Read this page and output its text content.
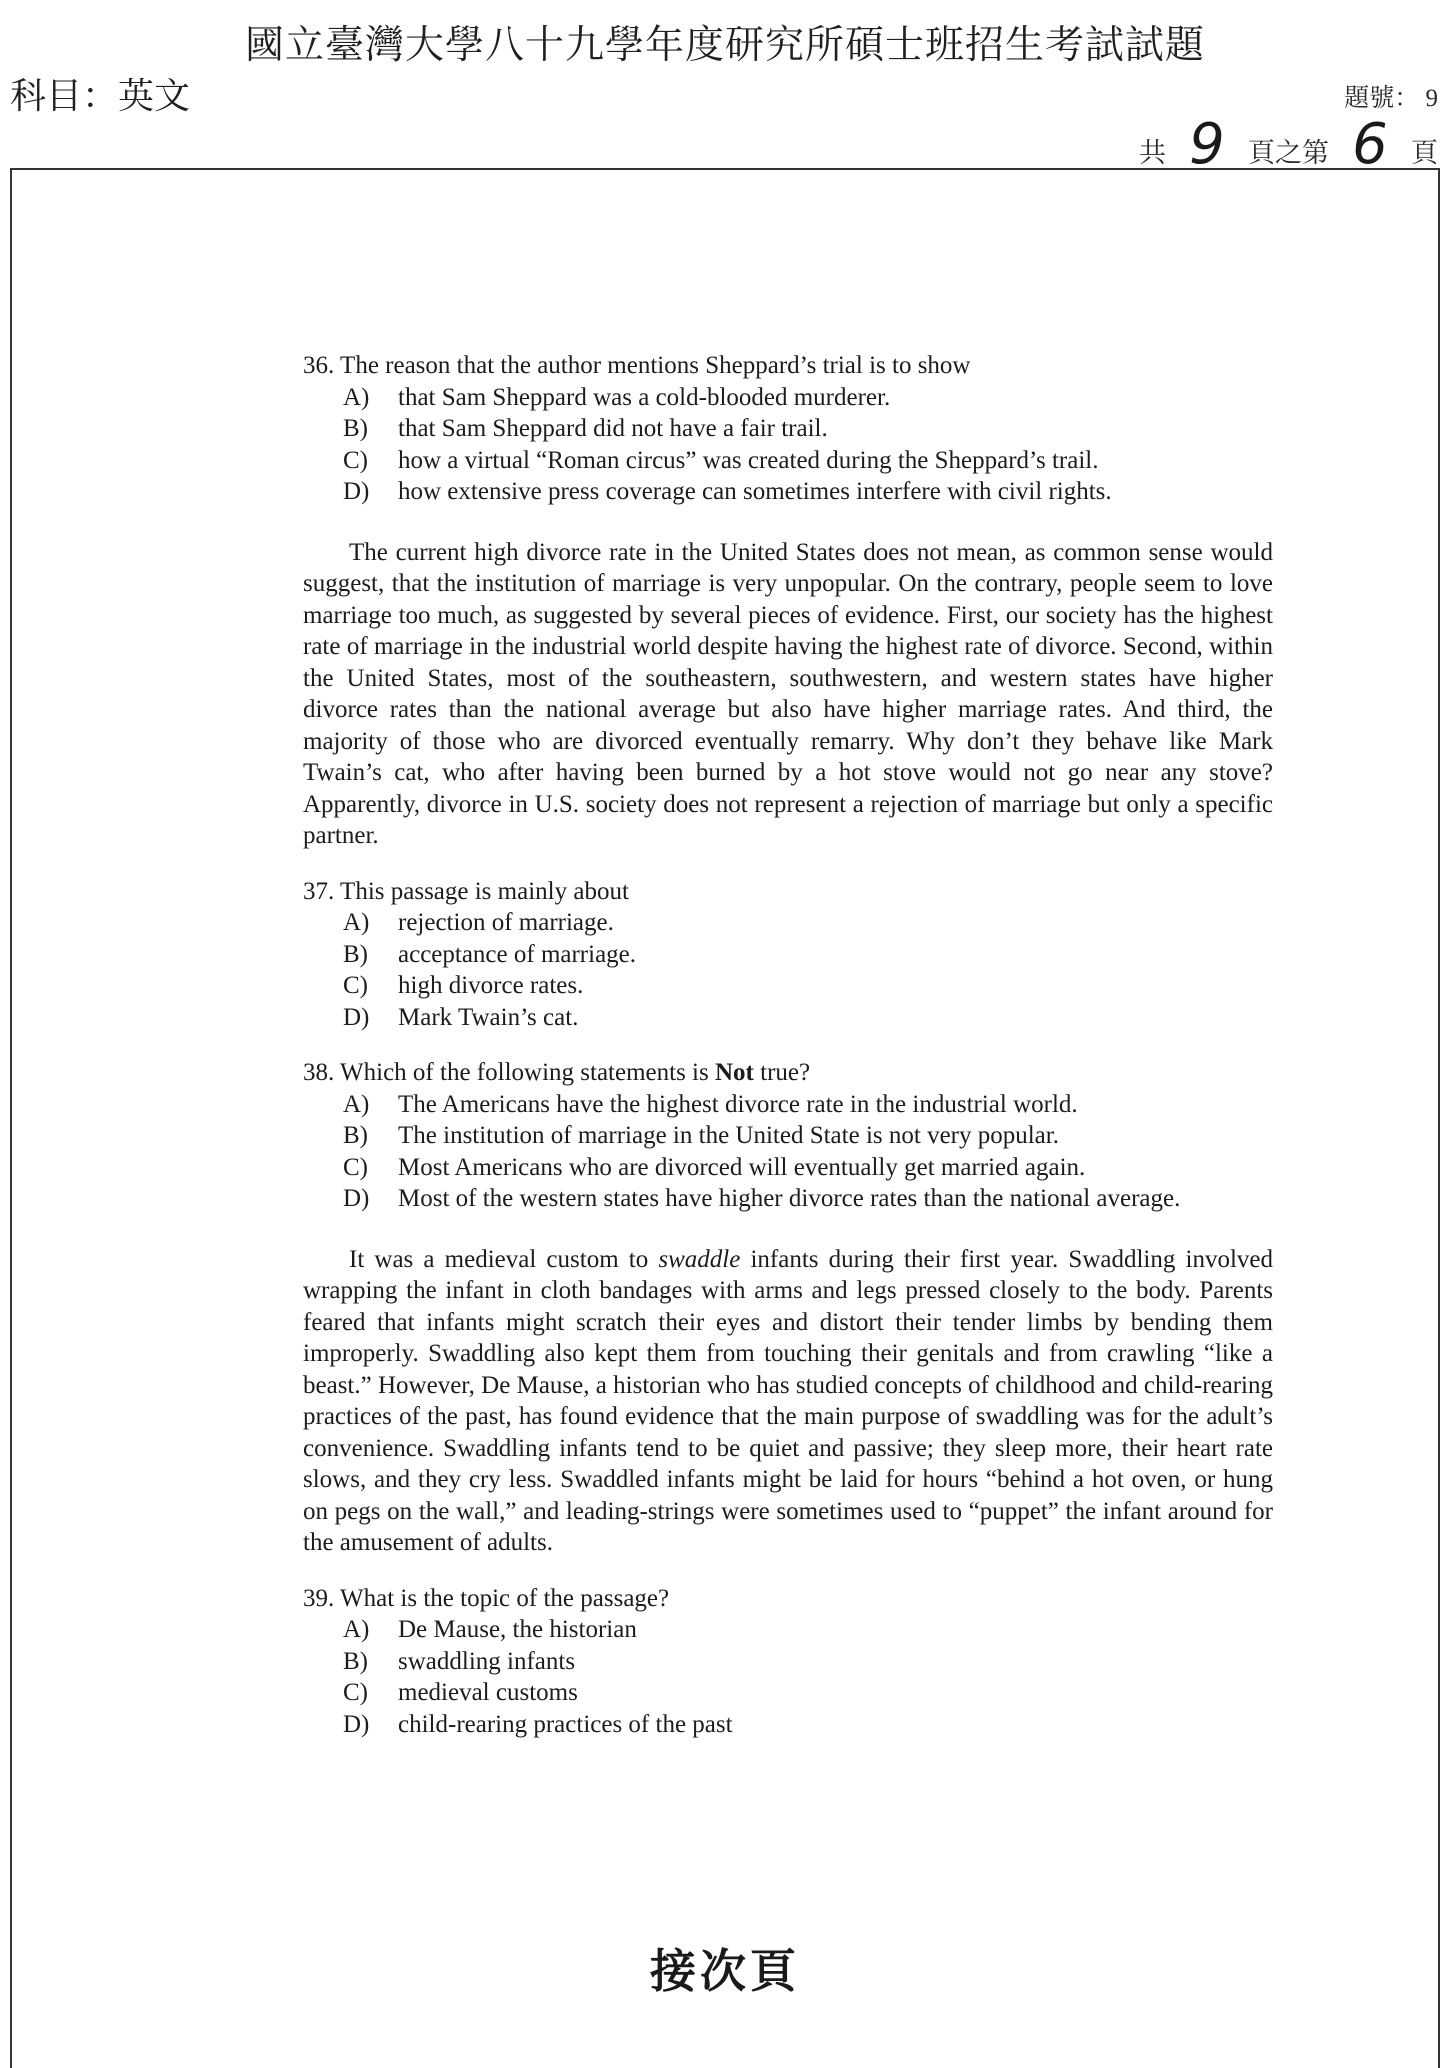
國立臺灣大學八十九學年度研究所碩士班招生考試試題
科目：英文	題號： 9
共 9 頁之第 6 頁
36. The reason that the author mentions Sheppard’s trial is to show
A)	that Sam Sheppard was a cold-blooded murderer.
B)	that Sam Sheppard did not have a fair trail.
C)	how a virtual “Roman circus” was created during the Sheppard’s trail.
D)	how extensive press coverage can sometimes interfere with civil rights.

The current high divorce rate in the United States does not mean, as common sense would suggest, that the institution of marriage is very unpopular. On the contrary, people seem to love marriage too much, as suggested by several pieces of evidence. First, our society has the highest rate of marriage in the industrial world despite having the highest rate of divorce. Second, within the United States, most of the southeastern, southwestern, and western states have higher divorce rates than the national average but also have higher marriage rates. And third, the majority of those who are divorced eventually remarry. Why don’t they behave like Mark Twain’s cat, who after having been burned by a hot stove would not go near any stove? Apparently, divorce in U.S. society does not represent a rejection of marriage but only a specific partner.

37. This passage is mainly about
A)	rejection of marriage.
B)	acceptance of marriage.
C)	high divorce rates.
D)	Mark Twain’s cat.
38. Which of the following statements is Not true?
A)	The Americans have the highest divorce rate in the industrial world.
B)	The institution of marriage in the United State is not very popular.
C)	Most Americans who are divorced will eventually get married again.
D)	Most of the western states have higher divorce rates than the national average.

It was a medieval custom to swaddle infants during their first year. Swaddling involved wrapping the infant in cloth bandages with arms and legs pressed closely to the body. Parents feared that infants might scratch their eyes and distort their tender limbs by bending them improperly. Swaddling also kept them from touching their genitals and from crawling “like a beast.” However, De Mause, a historian who has studied concepts of childhood and child-rearing practices of the past, has found evidence that the main purpose of swaddling was for the adult’s convenience. Swaddling infants tend to be quiet and passive; they sleep more, their heart rate slows, and they cry less. Swaddled infants might be laid for hours “behind a hot oven, or hung on pegs on the wall,” and leading-strings were sometimes used to “puppet” the infant around for the amusement of adults.

39. What is the topic of the passage?
A)	De Mause, the historian
B)	swaddling infants
C)	medieval customs
D)	child-rearing practices of the past
接次頁
